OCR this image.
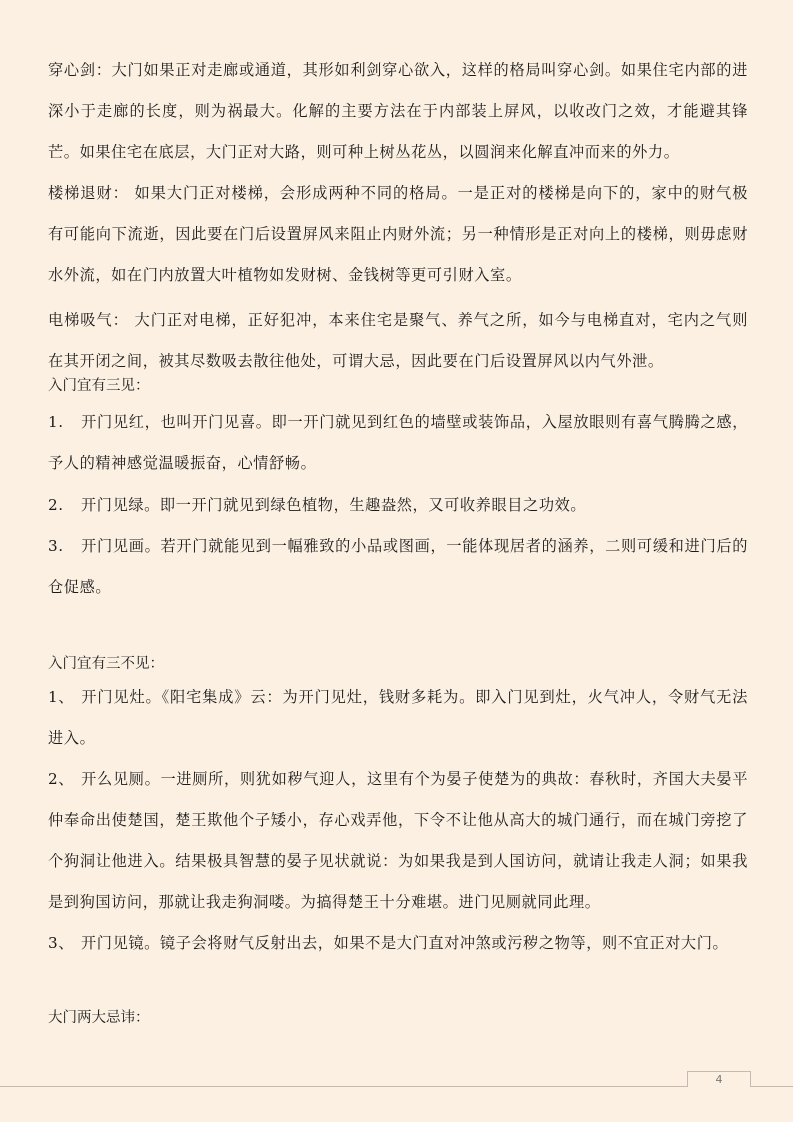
穿心剑：大门如果正对走廊或通道，其形如利剑穿心欲入，这样的格局叫穿心剑。如果住宅内部的进深小于走廊的长度，则为祸最大。化解的主要方法在于内部装上屏风，以收改门之效，才能避其锋芒。如果住宅在底层，大门正对大路，则可种上树丛花丛，以圆润来化解直冲而来的外力。

楼梯退财： 如果大门正对楼梯，会形成两种不同的格局。一是正对的楼梯是向下的，家中的财气极有可能向下流逝，因此要在门后设置屏风来阻止内财外流；另一种情形是正对向上的楼梯，则毋虑财水外流，如在门内放置大叶植物如发财树、金钱树等更可引财入室。

电梯吸气： 大门正对电梯，正好犯冲，本来住宅是聚气、养气之所，如今与电梯直对，宅内之气则在其开闭之间，被其尽数吸去散往他处，可谓大忌，因此要在门后设置屏风以内气外泄。

入门宜有三见：

1. 开门见红，也叫开门见喜。即一开门就见到红色的墙壁或装饰品，入屋放眼则有喜气腾腾之感，予人的精神感觉温暖振奋，心情舒畅。

2. 开门见绿。即一开门就见到绿色植物，生趣盎然，又可收养眼目之功效。

3. 开门见画。若开门就能见到一幅雅致的小品或图画，一能体现居者的涵养，二则可缓和进门后的仓促感。

入门宜有三不见：

1、 开门见灶。《阳宅集成》云：为开门见灶，钱财多耗为。即入门见到灶，火气冲人，令财气无法进入。

2、 开么见厕。一进厕所，则犹如秽气迎人，这里有个为晏子使楚为的典故：春秋时，齐国大夫晏平仲奉命出使楚国，楚王欺他个子矮小，存心戏弄他，下令不让他从高大的城门通行，而在城门旁挖了个狗洞让他进入。结果极具智慧的晏子见状就说：为如果我是到人国访问，就请让我走人洞；如果我是到狗国访问，那就让我走狗洞喽。为搞得楚王十分难堪。进门见厕就同此理。

3、 开门见镜。镜子会将财气反射出去，如果不是大门直对冲煞或污秽之物等，则不宜正对大门。

大门两大忌讳：

4
